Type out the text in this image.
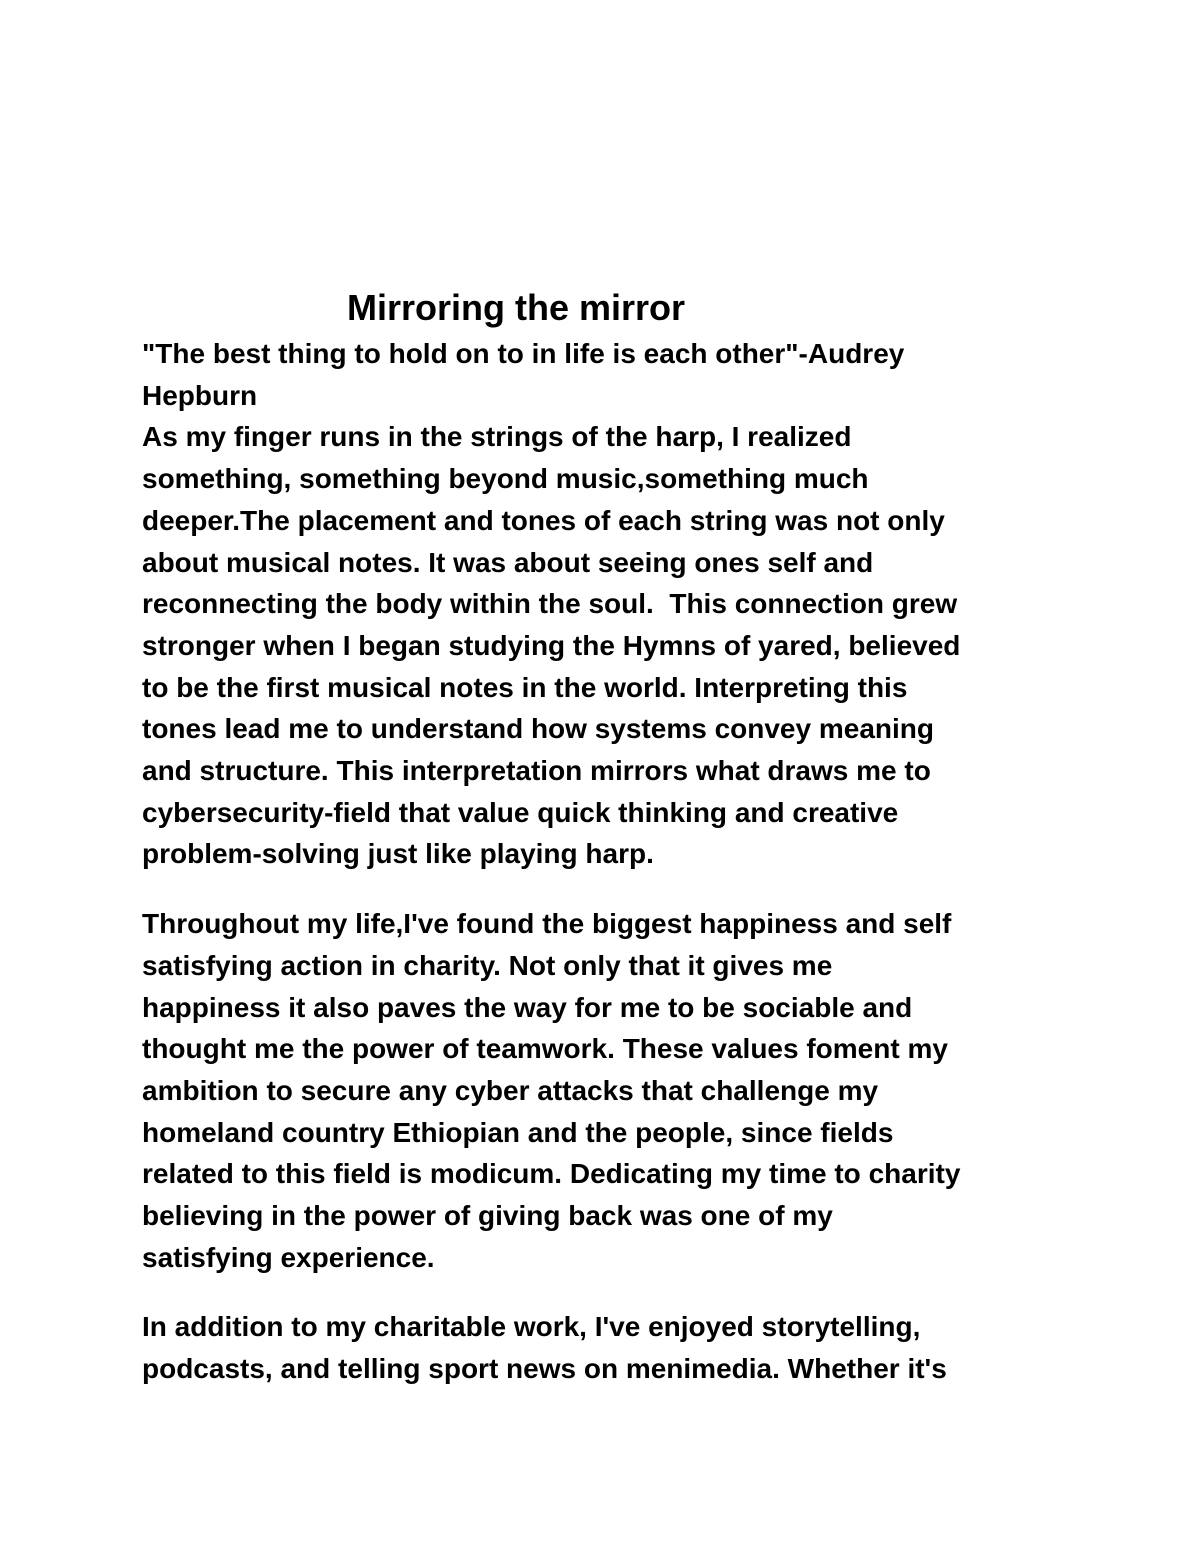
Mirroring the mirror

"The best thing to hold on to in life is each other"-Audrey
Hepburn

As my finger runs in the strings of the harp, I realized
something, something beyond music,something much
deeper.The placement and tones of each string was not only
about musical notes. It was about seeing ones self and
reconnecting the body within the soul.  This connection grew
stronger when I began studying the Hymns of yared, believed
to be the first musical notes in the world. Interpreting this
tones lead me to understand how systems convey meaning
and structure. This interpretation mirrors what draws me to
cybersecurity-field that value quick thinking and creative
problem-solving just like playing harp.

Throughout my life,I've found the biggest happiness and self
satisfying action in charity. Not only that it gives me
happiness it also paves the way for me to be sociable and
thought me the power of teamwork. These values foment my
ambition to secure any cyber attacks that challenge my
homeland country Ethiopian and the people, since fields
related to this field is modicum. Dedicating my time to charity
believing in the power of giving back was one of my
satisfying experience.

In addition to my charitable work, I've enjoyed storytelling,
podcasts, and telling sport news on menimedia. Whether it's
